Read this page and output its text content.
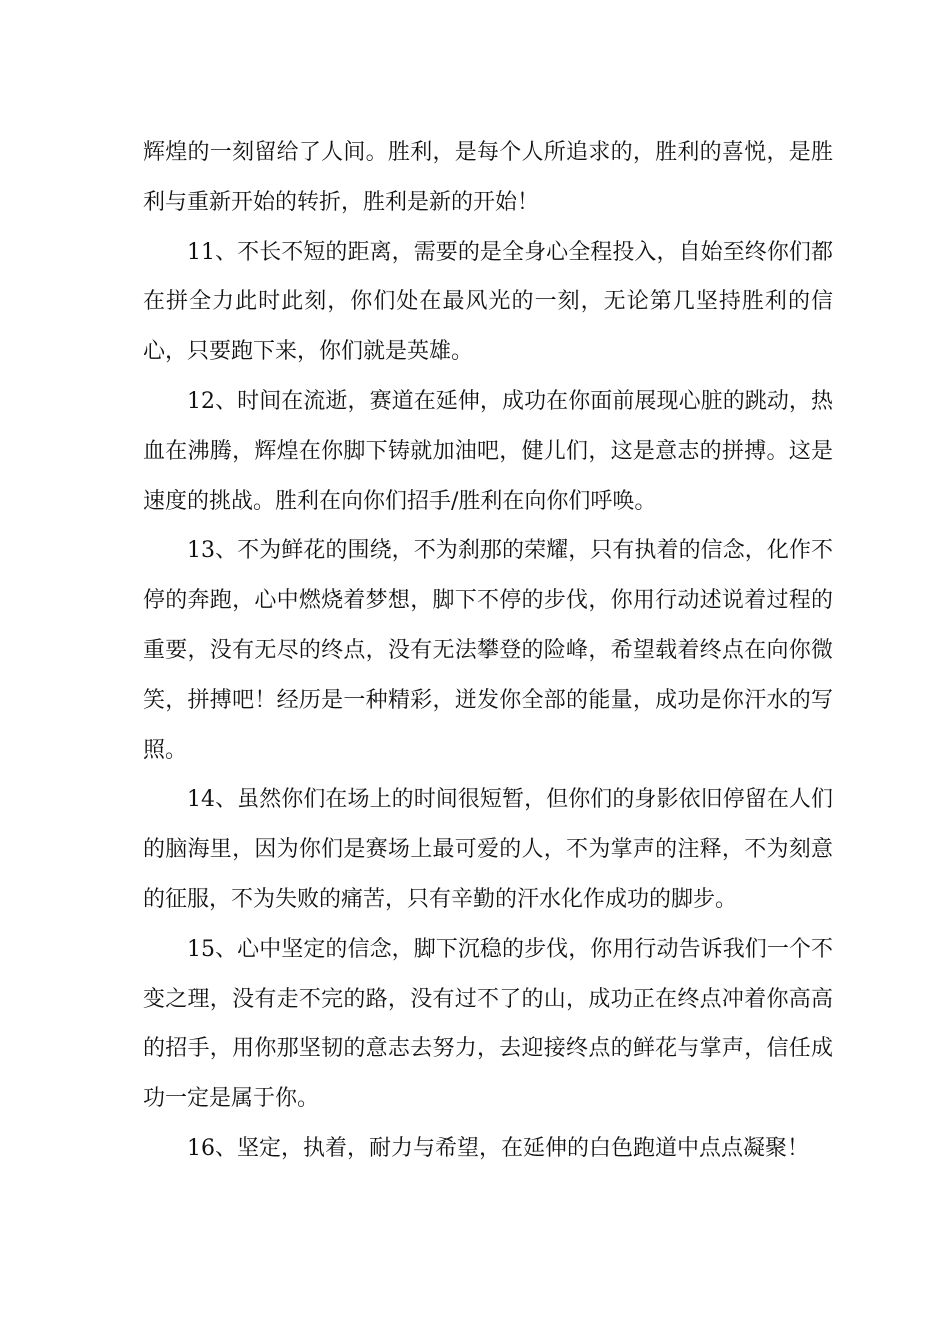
辉煌的一刻留给了人间。胜利，是每个人所追求的，胜利的喜悦，是胜利与重新开始的转折，胜利是新的开始！

11、不长不短的距离，需要的是全身心全程投入，自始至终你们都在拼全力此时此刻，你们处在最风光的一刻，无论第几坚持胜利的信心，只要跑下来，你们就是英雄。

12、时间在流逝，赛道在延伸，成功在你面前展现心脏的跳动，热血在沸腾，辉煌在你脚下铸就加油吧，健儿们，这是意志的拼搏。这是速度的挑战。胜利在向你们招手/胜利在向你们呼唤。

13、不为鲜花的围绕，不为刹那的荣耀，只有执着的信念，化作不停的奔跑，心中燃烧着梦想，脚下不停的步伐，你用行动述说着过程的重要，没有无尽的终点，没有无法攀登的险峰，希望载着终点在向你微笑，拼搏吧！经历是一种精彩，迸发你全部的能量，成功是你汗水的写照。

14、虽然你们在场上的时间很短暂，但你们的身影依旧停留在人们的脑海里，因为你们是赛场上最可爱的人，不为掌声的注释，不为刻意的征服，不为失败的痛苦，只有辛勤的汗水化作成功的脚步。

15、心中坚定的信念，脚下沉稳的步伐，你用行动告诉我们一个不变之理，没有走不完的路，没有过不了的山，成功正在终点冲着你高高的招手，用你那坚韧的意志去努力，去迎接终点的鲜花与掌声，信任成功一定是属于你。

16、坚定，执着，耐力与希望，在延伸的白色跑道中点点凝聚！
